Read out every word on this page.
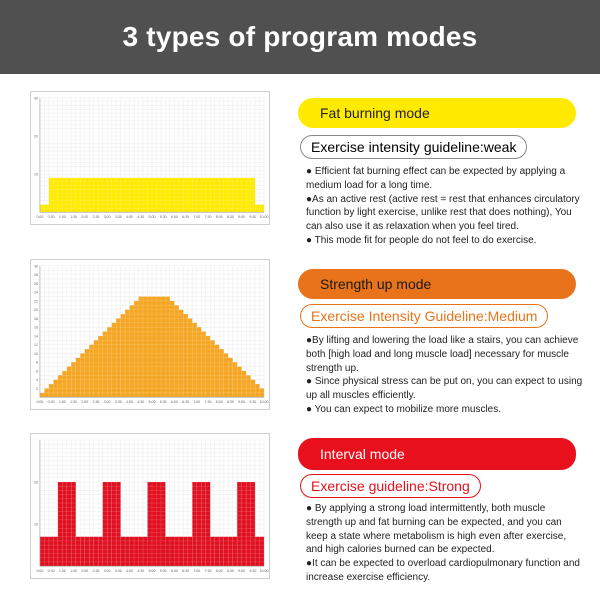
3 types of program modes
30
20
10
0:00 0:30 1:00 1:30 2:00 2:30 3:00 3:30 4:00 4:30 5:00 5:30 6:00 6:30 7:00 7:30 8:00 8:30 9:00 9:30 10:00
Fat burning mode
Exercise intensity guideline:weak

● Efficient fat burning effect can be expected by applying a medium load for a long time.

●As an active rest (active rest = rest that enhances circulatory function by light exercise, unlike rest that does nothing), You can also use it as relaxation when you feel tired.

● This mode fit for people do not feel to do exercise.

30
28
26
24
22
20
18
16
14
12
10
8
6
4
2
0:00 0:30 1:00 1:30 2:00 2:30 3:00 3:30 4:00 4:30 5:00 5:30 6:00 6:30 7:00 7:30 8:00 8:30 9:00 9:30 10:00
Strength up mode
Exercise Intensity Guideline:Medium

●By lifting and lowering the load like a stairs, you can achieve both [high load and long muscle load] necessary for muscle strength up.

● Since physical stress can be put on, you can expect to using up all muscles efficiently.

● You can expect to mobilize more muscles.

20
10
0:00 0:30 1:00 1:30 2:00 2:30 3:00 3:30 4:00 4:30 5:00 5:30 6:00 6:30 7:00 7:30 8:00 8:30 9:00 9:30 10:00
Interval mode
Exercise guideline:Strong

● By applying a strong load intermittently, both muscle strength up and fat burning can be expected, and you can keep a state where metabolism is high even after exercise, and high calories burned can be expected.

●It can be expected to overload cardiopulmonary function and increase exercise efficiency.
